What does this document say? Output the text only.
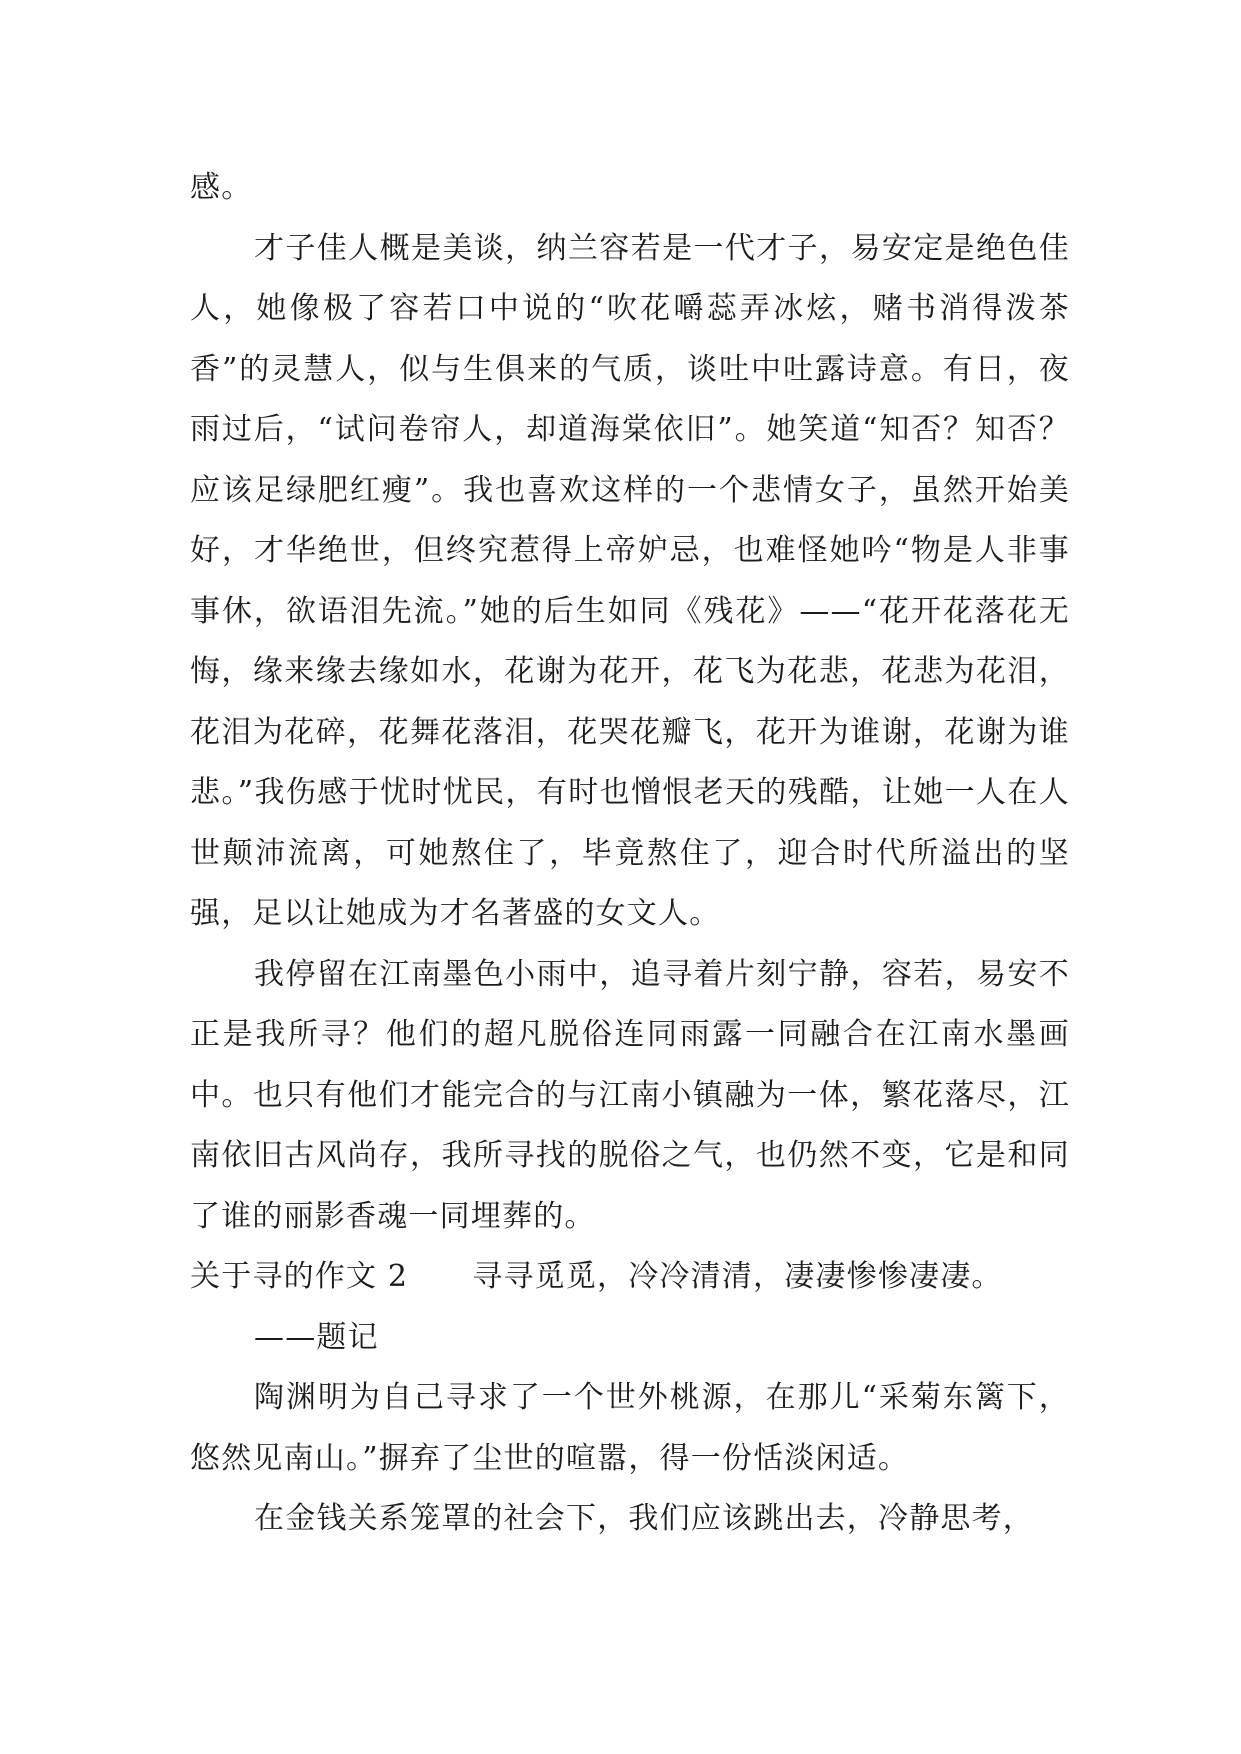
感。

才子佳人概是美谈，纳兰容若是一代才子，易安定是绝色佳人，她像极了容若口中说的“吹花嚼蕊弄冰炫，赌书消得泼茶香”的灵慧人，似与生俱来的气质，谈吐中吐露诗意。有日，夜雨过后，“试问卷帘人，却道海棠依旧”。她笑道“知否？知否？应该足绿肥红瘦”。我也喜欢这样的一个悲情女子，虽然开始美好，才华绝世，但终究惹得上帝妒忌，也难怪她吟“物是人非事事休，欲语泪先流。”她的后生如同《残花》——“花开花落花无悔，缘来缘去缘如水，花谢为花开，花飞为花悲，花悲为花泪，花泪为花碎，花舞花落泪，花哭花瓣飞，花开为谁谢，花谢为谁悲。”我伤感于忧时忧民，有时也憎恨老天的残酷，让她一人在人世颠沛流离，可她熬住了，毕竟熬住了，迎合时代所溢出的坚强，足以让她成为才名著盛的女文人。

我停留在江南墨色小雨中，追寻着片刻宁静，容若，易安不正是我所寻？他们的超凡脱俗连同雨露一同融合在江南水墨画中。也只有他们才能完合的与江南小镇融为一体，繁花落尽，江南依旧古风尚存，我所寻找的脱俗之气，也仍然不变，它是和同了谁的丽影香魂一同埋葬的。

关于寻的作文 2 寻寻觅觅，冷冷清清，凄凄惨惨凄凄。

——题记

陶渊明为自己寻求了一个世外桃源，在那儿“采菊东篱下，悠然见南山。”摒弃了尘世的喧嚣，得一份恬淡闲适。

在金钱关系笼罩的社会下，我们应该跳出去，冷静思考，
